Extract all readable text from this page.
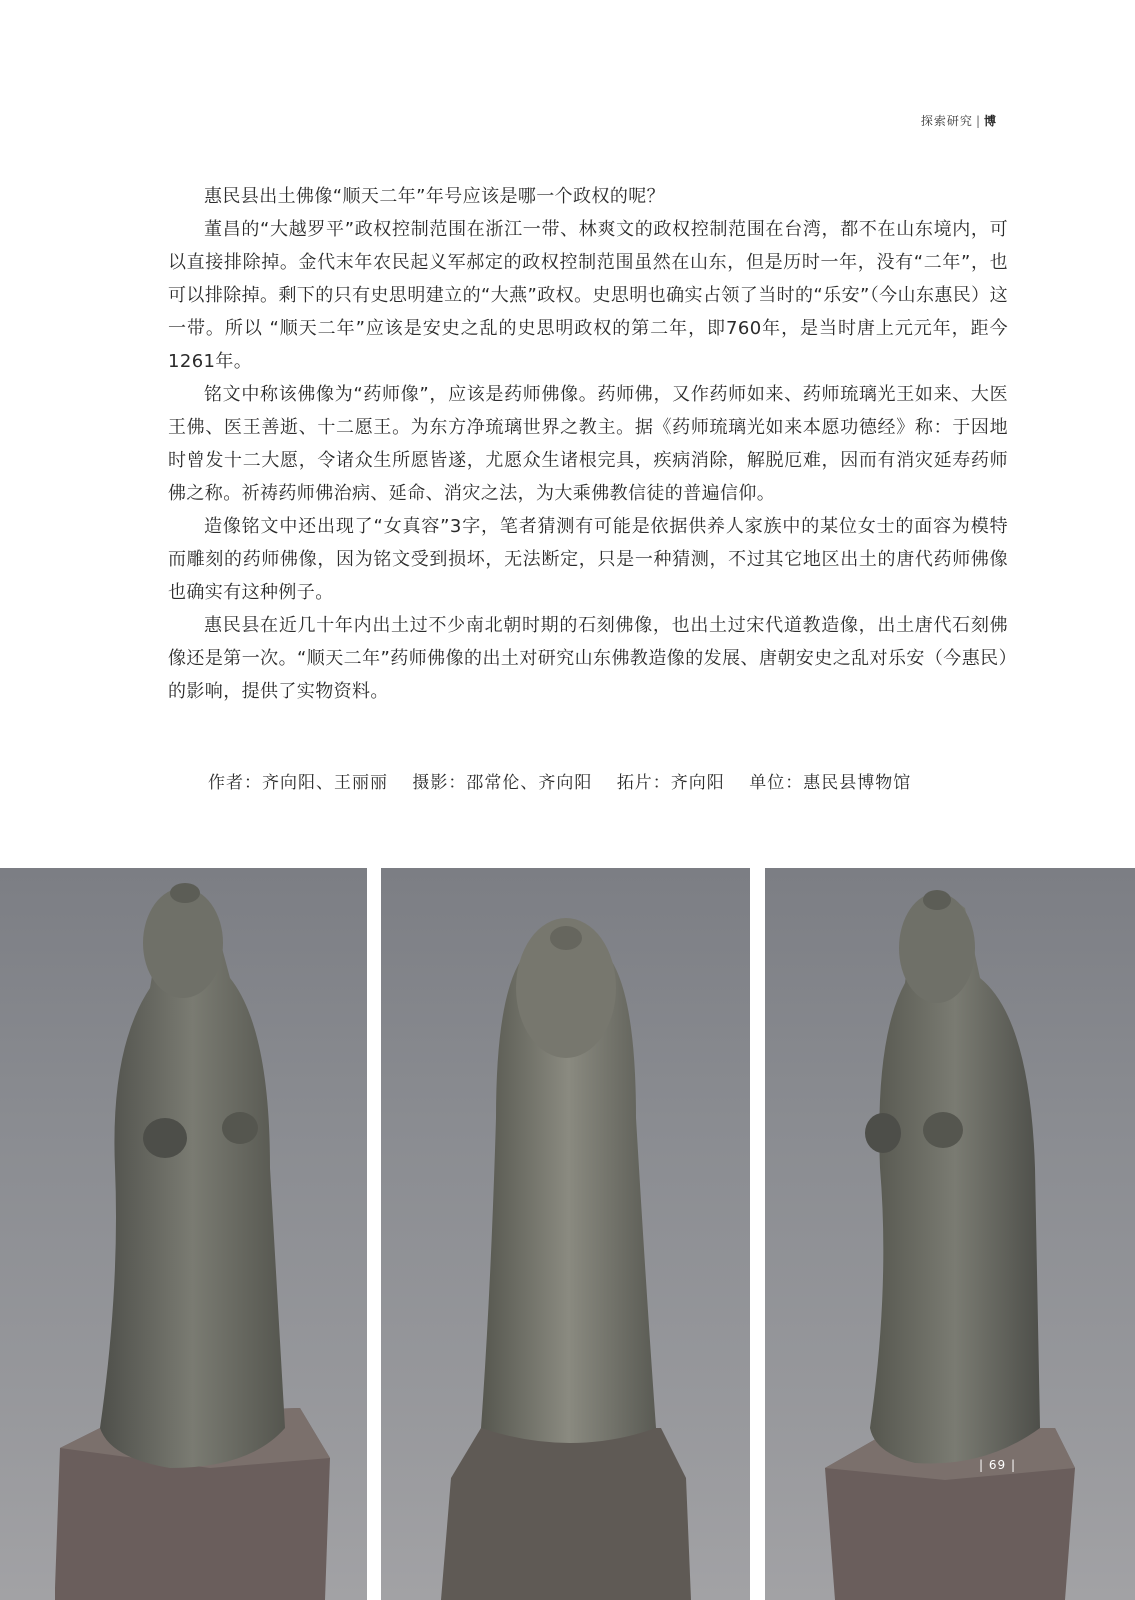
探索研究 | 博

惠民县出土佛像“顺天二年”年号应该是哪一个政权的呢？

董昌的“大越罗平”政权控制范围在浙江一带、林爽文的政权控制范围在台湾，都不在山东境内，可以直接排除掉。金代末年农民起义军郝定的政权控制范围虽然在山东，但是历时一年，没有“二年”，也可以排除掉。剩下的只有史思明建立的“大燕”政权。史思明也确实占领了当时的“乐安”（今山东惠民）这一带。所以 “顺天二年”应该是安史之乱的史思明政权的第二年，即760年，是当时唐上元元年，距今1261年。

铭文中称该佛像为“药师像”，应该是药师佛像。药师佛，又作药师如来、药师琉璃光王如来、大医王佛、医王善逝、十二愿王。为东方净琉璃世界之教主。据《药师琉璃光如来本愿功德经》称：于因地时曾发十二大愿，令诸众生所愿皆遂，尤愿众生诸根完具，疾病消除，解脱厄难，因而有消灾延寿药师佛之称。祈祷药师佛治病、延命、消灾之法，为大乘佛教信徒的普遍信仰。

造像铭文中还出现了“女真容”3字，笔者猜测有可能是依据供养人家族中的某位女士的面容为模特而雕刻的药师佛像，因为铭文受到损坏，无法断定，只是一种猜测，不过其它地区出土的唐代药师佛像也确实有这种例子。

惠民县在近几十年内出土过不少南北朝时期的石刻佛像，也出土过宋代道教造像，出土唐代石刻佛像还是第一次。“顺天二年”药师佛像的出土对研究山东佛教造像的发展、唐朝安史之乱对乐安（今惠民）的影响，提供了实物资料。

作者：齐向阳、王丽丽 摄影：邵常伦、齐向阳 拓片：齐向阳 单位：惠民县博物馆
| 69 |
